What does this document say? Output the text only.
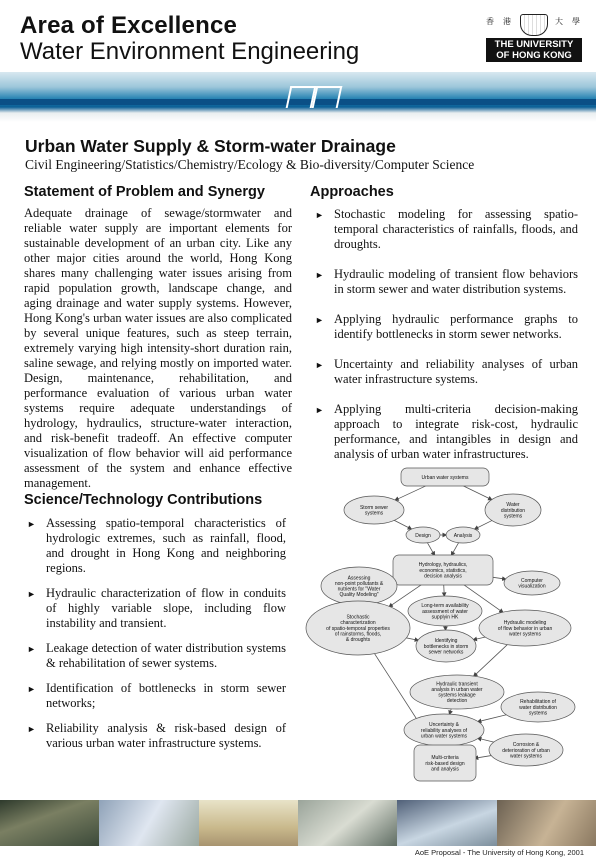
Area of Excellence
Water Environment Engineering
香 港	大 學
THE UNIVERSITY
OF HONG KONG
Urban Water Supply & Storm-water Drainage
Civil Engineering/Statistics/Chemistry/Ecology & Bio-diversity/Computer Science
Statement of Problem and Synergy
Adequate drainage of sewage/stormwater and reliable water supply are important elements for sustainable development of an urban city. Like any other major cities around the world, Hong Kong shares many challenging water issues arising from rapid population growth, landscape change, and aging drainage and water supply systems. However, Hong Kong's urban water issues are also complicated by several unique features, such as steep terrain, extremely varying high intensity-short duration rain, saline sewage, and relying mostly on imported water. Design, maintenance, rehabilitation, and performance evaluation of various urban water systems require adequate understandings of hydrology, hydraulics, structure-water interaction, and risk-benefit tradeoff. An effective computer visualization of flow behavior will aid performance assessment of the system and enhance effective management.
Science/Technology Contributions
► Assessing spatio-temporal characteristics of hydrologic extremes, such as rainfall, flood, and drought in Hong Kong and neighboring regions.
► Hydraulic characterization of flow in conduits of highly variable slope, including flow instability and transient.
► Leakage detection of water distribution systems & rehabilitation of sewer systems.
► Identification of bottlenecks in storm sewer networks;
► Reliability analysis & risk-based design of various urban water infrastructure systems.
Approaches
► Stochastic modeling for assessing spatio-temporal characteristics of rainfalls, floods, and droughts.
► Hydraulic modeling of transient flow behaviors in storm sewer and water distribution systems.
► Applying hydraulic performance graphs to identify bottlenecks in storm sewer networks.
► Uncertainty and reliability analyses of urban water infrastructure systems.
► Applying multi-criteria decision-making approach to integrate risk-cost, hydraulic performance, and intangibles in design and analysis of urban water infrastructures.
Urban water systems
Storm sewer
systems
Water
distribution
systems
Design	Analysis
Hydrology, hydraulics,
economics, statistics,
decision analysis
Assessing
non-point pollutants &
nutrients for "Water
Quality Modeling"
Computer
visualization
Stochastic
characterization
of spatio-temporal properties
of rainstorms, floods,
& droughts
Long-term availability
assessment of water
supplyin HK
Hydraulic modeling
of flow behavior in urban
water systems
Identifying
bottlenecks in storm
sewer networks
Hydraulic transient
analysis in urban water
systems leakage
detection	Rehabilitation of
water distribution
systems
Uncertainty &
reliability analyses of
urban water systems
Corrosion &
deterioration of urban
water systems
Multi-criteria
risk-based design
and analysis
AoE Proposal - The University of Hong Kong, 2001
